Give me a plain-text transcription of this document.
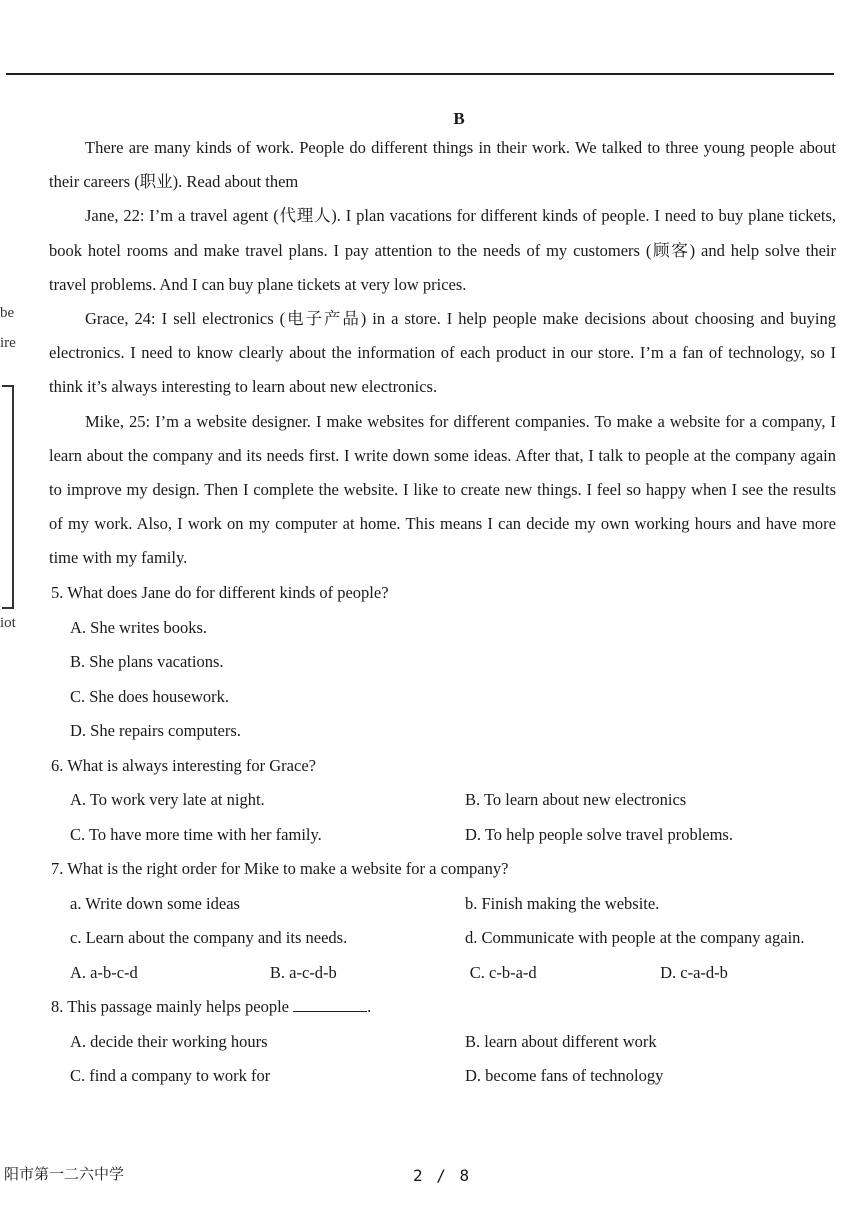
be
ire
iot
B

There are many kinds of work. People do different things in their work. We talked to three young people about their careers (职业). Read about them

Jane, 22: I’m a travel agent (代理人). I plan vacations for different kinds of people. I need to buy plane tickets, book hotel rooms and make travel plans. I pay attention to the needs of my customers (顾客) and help solve their travel problems. And I can buy plane tickets at very low prices.

Grace, 24: I sell electronics (电子产品) in a store. I help people make decisions about choosing and buying electronics. I need to know clearly about the information of each product in our store. I’m a fan of technology, so I think it’s always interesting to learn about new electronics.

Mike, 25: I’m a website designer. I make websites for different companies. To make a website for a company, I learn about the company and its needs first. I write down some ideas. After that, I talk to people at the company again to improve my design. Then I complete the website. I like to create new things. I feel so happy when I see the results of my work. Also, I work on my computer at home. This means I can decide my own working hours and have more time with my family.

5. What does Jane do for different kinds of people?
A. She writes books.
B. She plans vacations.
C. She does housework.
D. She repairs computers.
6. What is always interesting for Grace?
A. To work very late at night.	B. To learn about new electronics
C. To have more time with her family.	D. To help people solve travel problems.
7. What is the right order for Mike to make a website for a company?
a. Write down some ideas	b. Finish making the website.
c. Learn about the company and its needs.	d. Communicate with people at the company again.
A. a-b-c-d	B. a-c-d-b	C. c-b-a-d	D. c-a-d-b
8. This passage mainly helps people	.
A. decide their working hours	B. learn about different work
C. find a company to work for	D. become fans of technology
阳市第一二六中学	2 / 8
